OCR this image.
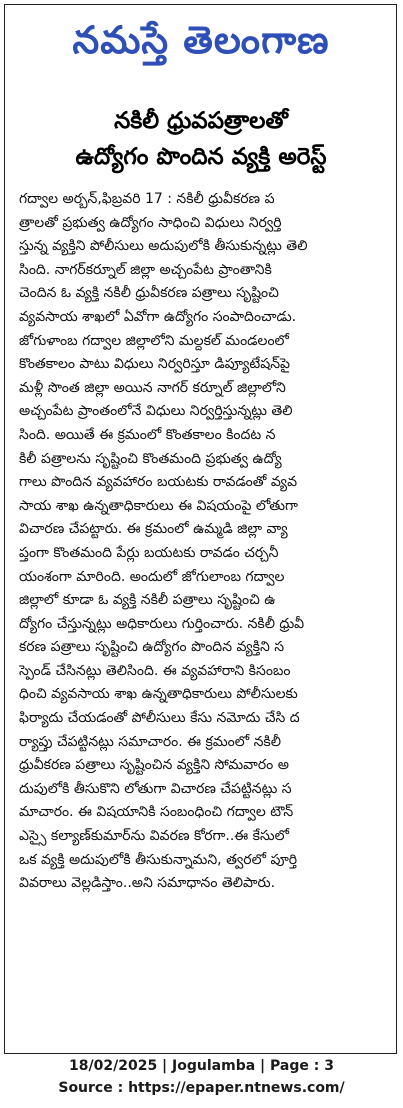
నమస్తే తెలంగాణ
నకిలీ ధ్రువపత్రాలతో
ఉద్యోగం పొందిన వ్యక్తి అరెస్ట్
గద్వాల అర్బన్,ఫిబ్రవరి 17 : నకిలీ ధ్రువీకరణ ప
త్రాలతో ప్రభుత్వ ఉద్యోగం సాధించి విధులు నిర్వర్తి
స్తున్న వ్యక్తిని పోలీసులు అదుపులోకి తీసుకున్నట్లు తెలి
సింది. నాగర్‌కర్నూల్ జిల్లా అచ్చంపేట ప్రాంతానికి
చెందిన ఓ వ్యక్తి నకిలీ ధ్రువీకరణ పత్రాలు సృష్టించి
వ్యవసాయ శాఖలో ఏవోగా ఉద్యోగం సంపాదించాడు.
జోగుళాంబ గద్వాల జిల్లాలోని మల్దకల్ మండలంలో
కొంతకాలం పాటు విధులు నిర్వరిస్తూ డిప్యూటేషన్‌పై
మళ్లీ సొంత జిల్లా అయిన నాగర్ కర్నూల్ జిల్లాలోని
అచ్చంపేట ప్రాంతంలోనే విధులు నిర్వర్తిస్తున్నట్లు తెలి
సింది. అయితే ఈ క్రమంలో కొంతకాలం కిందట న
కిలీ పత్రాలను సృష్టించి కొంతమంది ప్రభుత్వ ఉద్యో
గాలు పొందిన వ్యవహారం బయటకు రావడంతో వ్యవ
సాయ శాఖ ఉన్నతాధికారులు ఈ విషయంపై లోతుగా
విచారణ చేపట్టారు. ఈ క్రమంలో ఉమ్మడి జిల్లా వ్యా
ప్తంగా కొంతమంది పేర్లు బయటకు రావడం చర్చనీ
యంశంగా మారింది. అందులో జోగులాంబ గద్వాల
జిల్లాలో కూడా ఓ వ్యక్తి నకిలీ పత్రాలు సృష్టించి ఉ
ద్యోగం చేస్తున్నట్లు అధికారులు గుర్తించారు. నకిలీ ధ్రువీ
కరణ పత్రాలు సృష్టించి ఉద్యోగం పొందిన వ్యక్తిని స
స్పెండ్ చేసినట్లు తెలిసింది. ఈ వ్యవహారాని కిసంబం
ధించి వ్యవసాయ శాఖ ఉన్నతాధికారులు పోలీసులకు
ఫిర్యాదు చేయడంతో పోలీసులు కేసు నమోదు చేసి ద
ర్యాప్తు చేపట్టినట్లు సమాచారం. ఈ క్రమంలో నకిలీ
ధ్రువీకరణ పత్రాలు సృష్టించిన వ్యక్తిని సోమవారం అ
దుపులోకి తీసుకొని లోతుగా విచారణ చేపట్టినట్లు స
మాచారం. ఈ విషయానికి సంబంధించి గద్వాల టౌన్
ఎస్సై కల్యాణ్‌కుమార్‌ను వివరణ కోరగా..ఈ కేసులో
ఒక వ్యక్తి అదుపులోకి తీసుకున్నామని, త్వరలో పూర్తి
వివరాలు వెల్లడిస్తాం..అని సమాధానం తెలిపారు.
18/02/2025 | Jogulamba | Page : 3
Source : https://epaper.ntnews.com/
